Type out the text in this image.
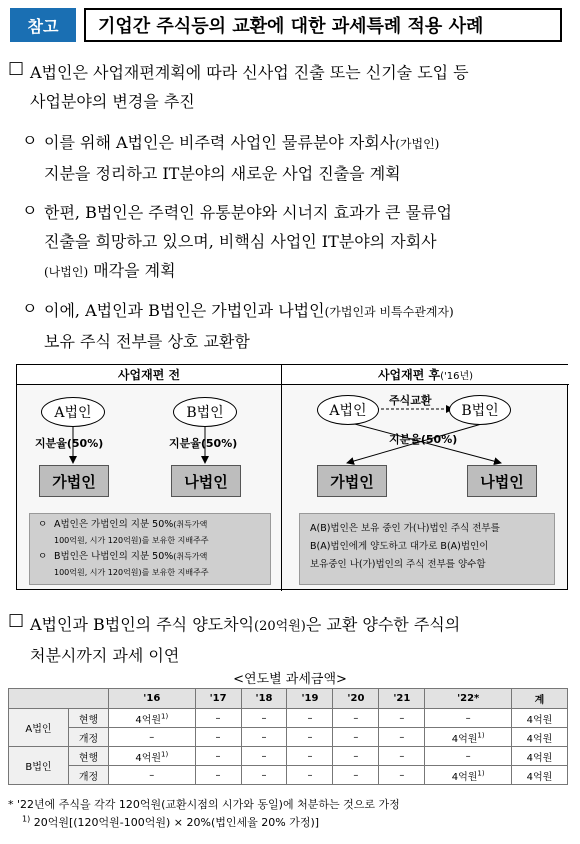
참고	기업간 주식등의 교환에 대한 과세특례 적용 사례
□ A법인은 사업재편계획에 따라 신사업 진출 또는 신기술 도입 등
사업분야의 변경을 추진
ㅇ 이를 위해 A법인은 비주력 사업인 물류분야 자회사(가법인)
지분을 정리하고 IT분야의 새로운 사업 진출을 계획
ㅇ 한편, B법인은 주력인 유통분야와 시너지 효과가 큰 물류업
진출을 희망하고 있으며, 비핵심 사업인 IT분야의 자회사
(나법인) 매각을 계획
ㅇ 이에, A법인과 B법인은 가법인과 나법인(가법인과 비특수관계자)
보유 주식 전부를 상호 교환함
사업재편 전	사업재편 후 ('16년)
A법인	B법인
지분율(50%)	지분율(50%)
가법인	나법인
ㅇ A법인은 가법인의 지분 50%(취득가액
100억원, 시가 120억원)를 보유한 지배주주
ㅇ B법인은 나법인의 지분 50%(취득가액
100억원, 시가 120억원)를 보유한 지배주주
A법인	B법인
주식교환
지분율(50%)
가법인	나법인
A(B)법인은 보유 중인 가(나)법인 주식 전부를
B(A)법인에게 양도하고 대가로 B(A)법인이
보유중인 나(가)법인의 주식 전부를 양수함
□ A법인과 B법인의 주식 양도차익(20억원)은 교환 양수한 주식의
처분시까지 과세 이연
<연도별 과세금액>
		'16	'17	'18	'19	'20	'21	'22*	계
A법인	현행	4억원$^{1)}$	–	–	–	–	–	–	4억원
	개정	–	–	–	–	–	–	4억원$^{1)}$	4억원
B법인	현행	4억원$^{1)}$	–	–	–	–	–	–	4억원
	개정	–	–	–	–	–	–	4억원$^{1)}$	4억원
* '22년에 주식을 각각 120억원(교환시점의 시가와 동일)에 처분하는 것으로 가정
$^{1)}$ 20억원[(120억원-100억원) × 20%(법인세율 20% 가정)]
